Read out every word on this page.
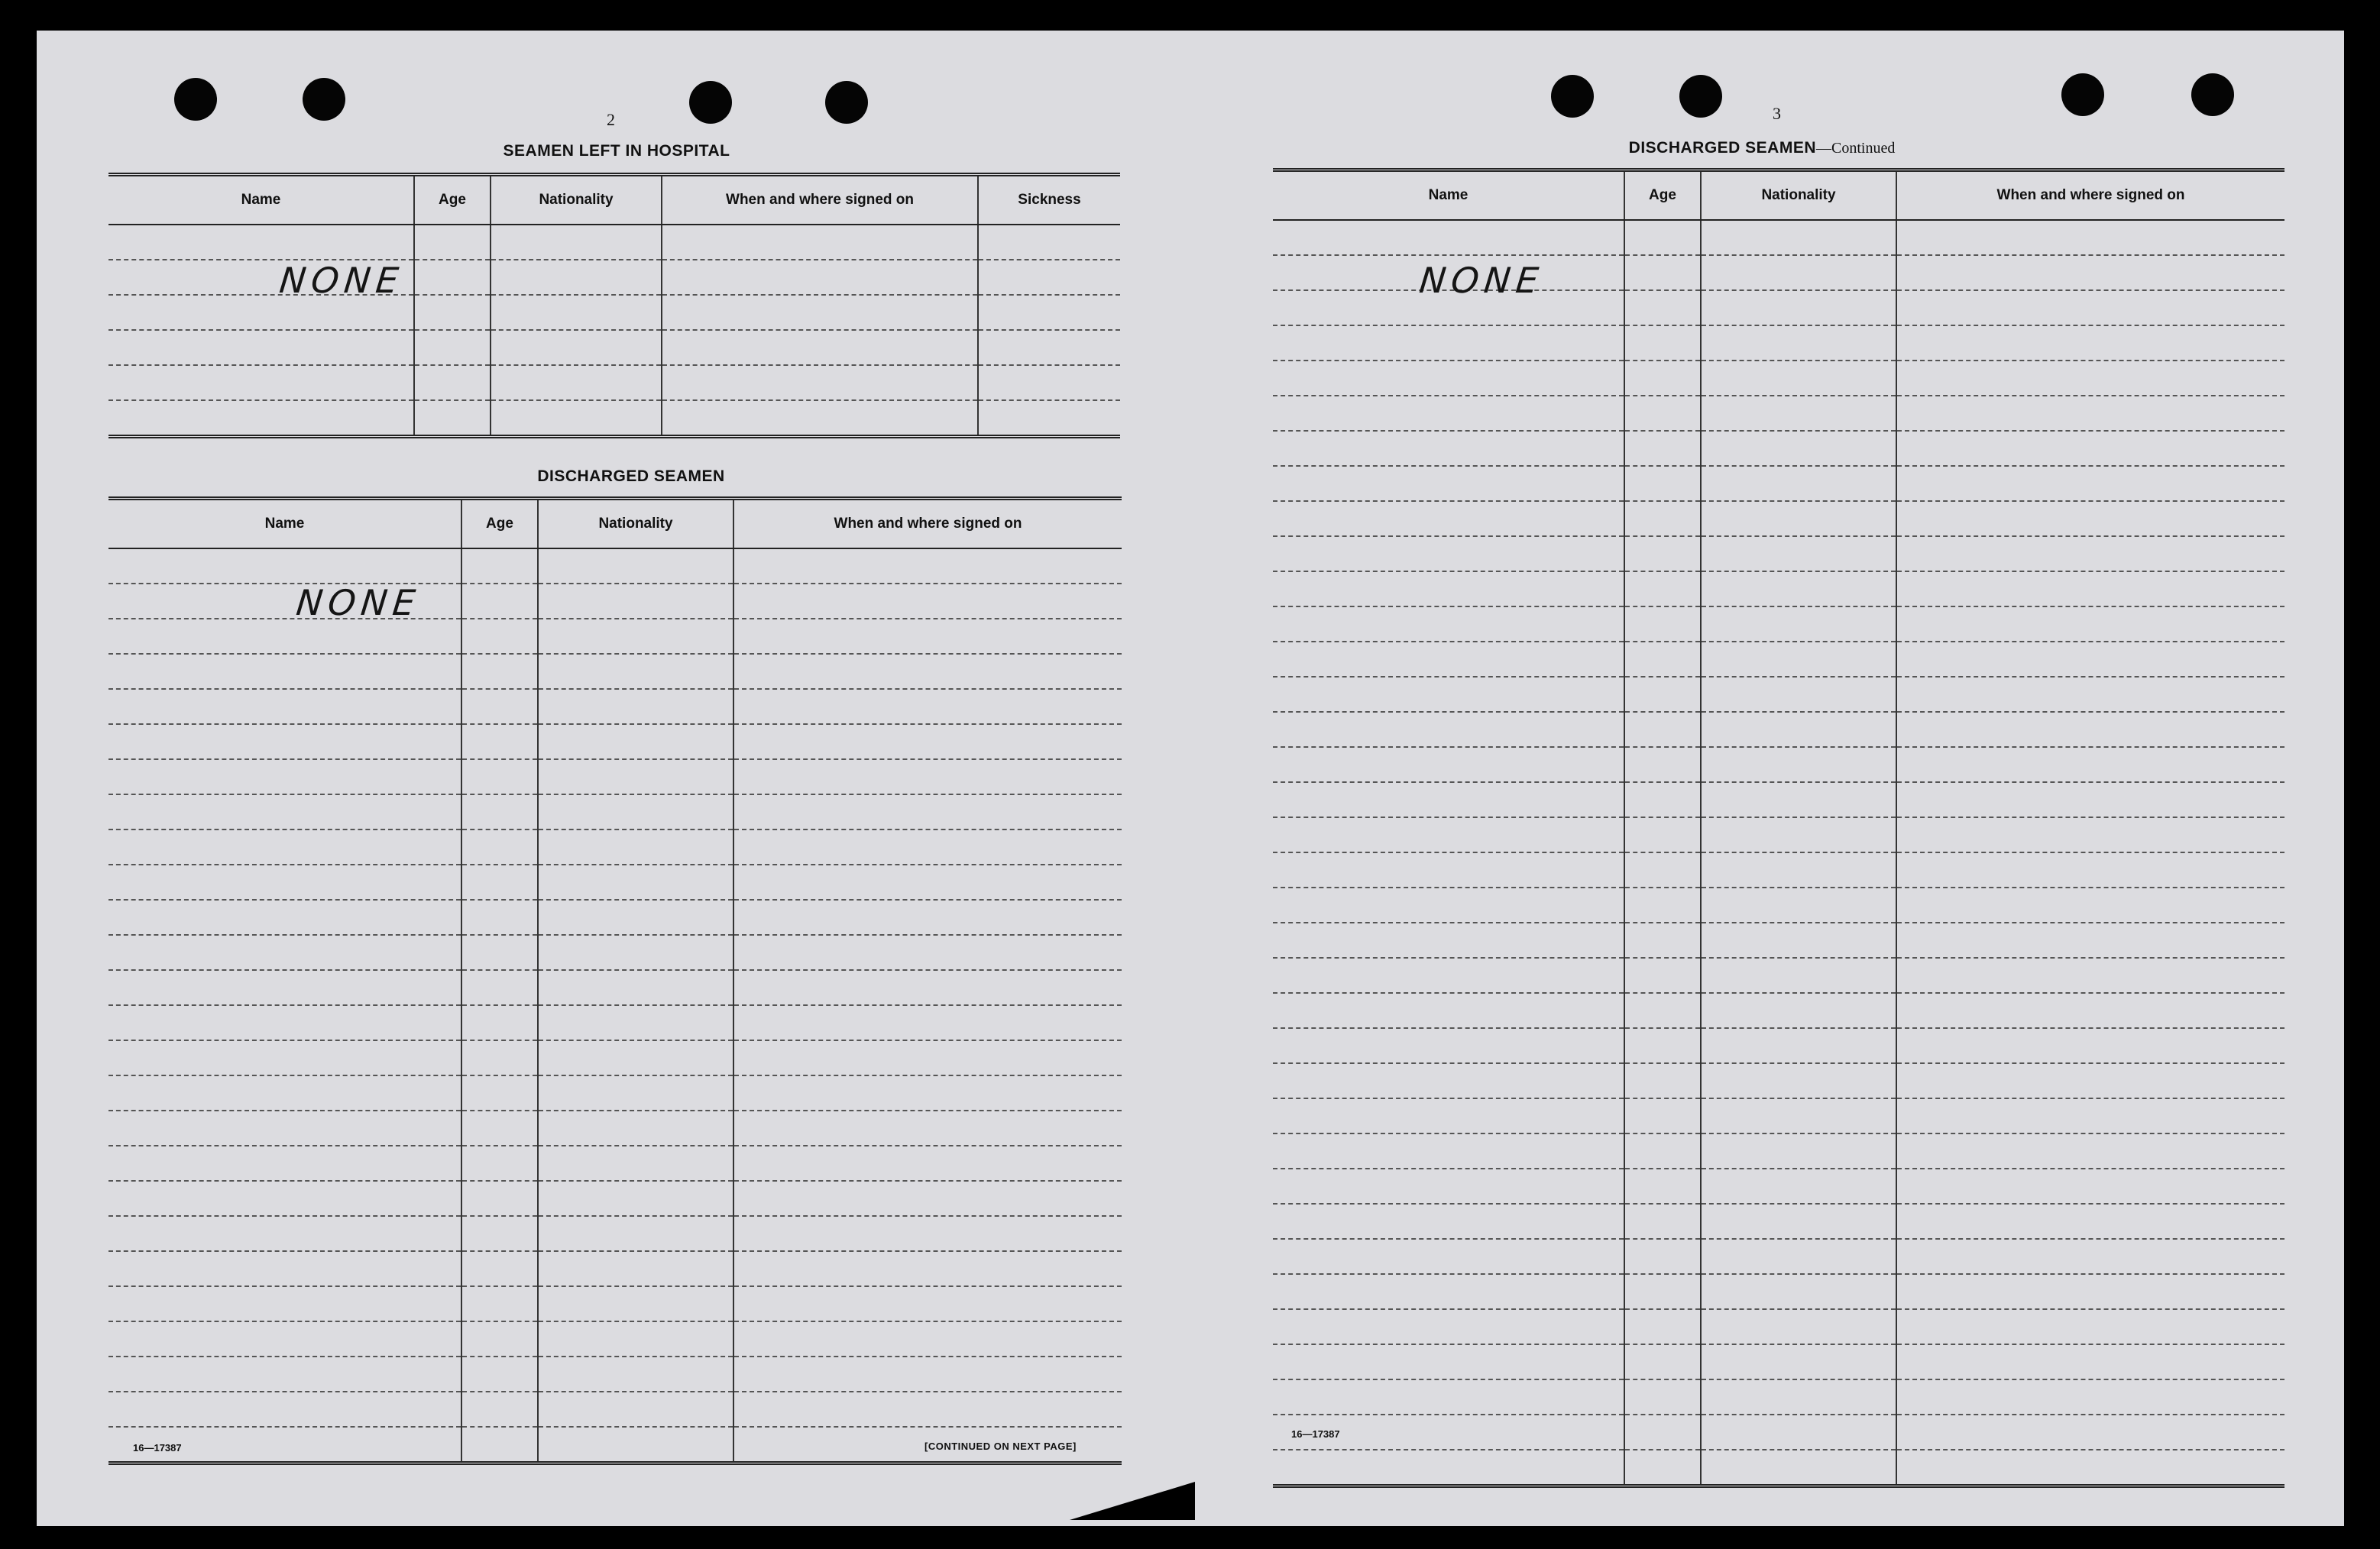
2
SEAMEN LEFT IN HOSPITAL
Name	Age	Nationality	When and where signed on	Sickness

NONE
DISCHARGED SEAMEN
Name	Age	Nationality	When and where signed on

NONE
16—17387	[CONTINUED ON NEXT PAGE]
3
DISCHARGED SEAMEN—Continued
Name	Age	Nationality	When and where signed on

NONE
16—17387
